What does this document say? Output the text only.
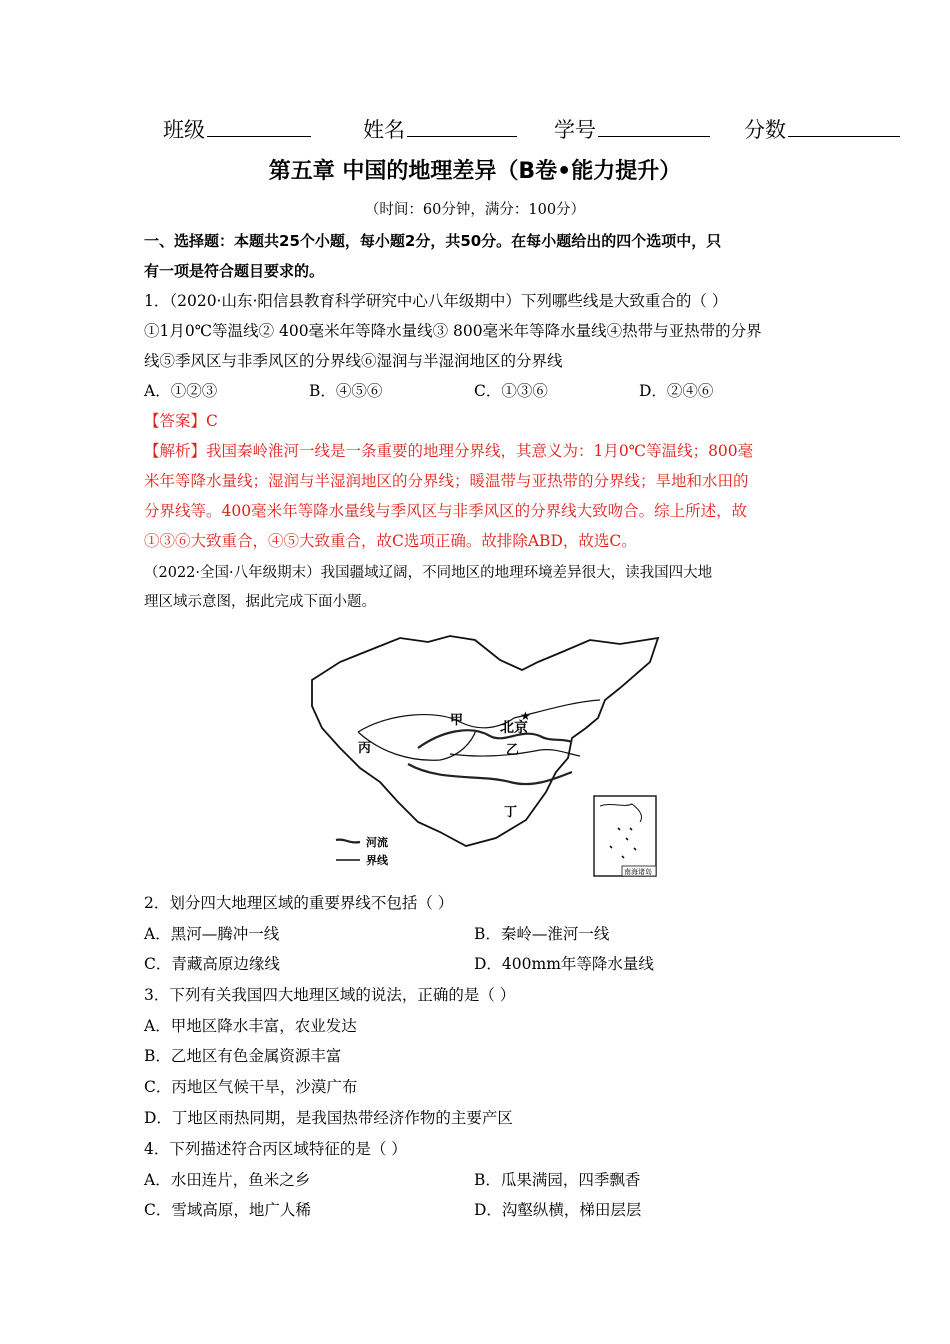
班级	姓名	学号	分数
第五章 中国的地理差异（B卷•能力提升）
（时间：60分钟，满分：100分）
一、选择题：本题共25个小题，每小题2分，共50分。在每小题给出的四个选项中，只
有一项是符合题目要求的。
1．（2020·山东·阳信县教育科学研究中心八年级期中）下列哪些线是大致重合的（ ）
①1月0℃等温线② 400毫米年等降水量线③ 800毫米年等降水量线④热带与亚热带的分界
线⑤季风区与非季风区的分界线⑥湿润与半湿润地区的分界线
A．①②③	B．④⑤⑥	C．①③⑥	D．②④⑥
【答案】C
【解析】我国秦岭淮河一线是一条重要的地理分界线，其意义为：1月0℃等温线；800毫
米年等降水量线；湿润与半湿润地区的分界线；暖温带与亚热带的分界线；旱地和水田的
分界线等。400毫米年等降水量线与季风区与非季风区的分界线大致吻合。综上所述，故
①③⑥大致重合，④⑤大致重合，故C选项正确。故排除ABD，故选C。
（2022·全国·八年级期末）我国疆域辽阔，不同地区的地理环境差异很大，读我国四大地
理区域示意图，据此完成下面小题。
甲	北京
乙
丙
丁
★
河流
界线
南海诸岛
2．划分四大地理区域的重要界线不包括（ ）
A．黑河—腾冲一线	B．秦岭—淮河一线
C．青藏高原边缘线	D．400mm年等降水量线
3．下列有关我国四大地理区域的说法，正确的是（ ）
A．甲地区降水丰富，农业发达
B．乙地区有色金属资源丰富
C．丙地区气候干旱，沙漠广布
D．丁地区雨热同期，是我国热带经济作物的主要产区
4．下列描述符合丙区域特征的是（ ）
A．水田连片，鱼米之乡	B．瓜果满园，四季飘香
C．雪域高原，地广人稀	D．沟壑纵横，梯田层层
